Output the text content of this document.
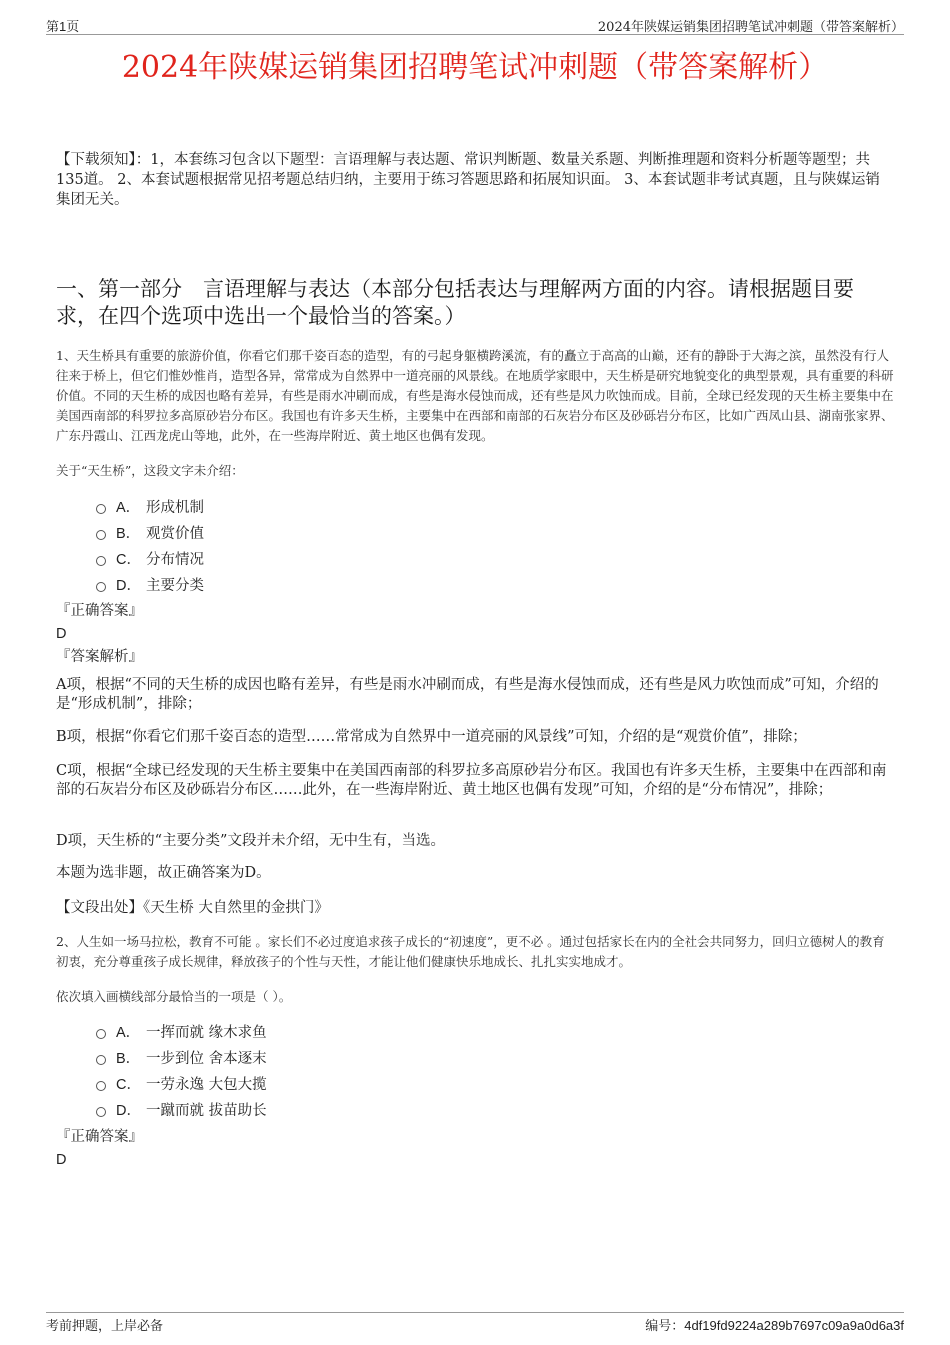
第1页	2024年陕媒运销集团招聘笔试冲刺题（带答案解析）
2024年陕媒运销集团招聘笔试冲刺题（带答案解析）
【下载须知】：1，本套练习包含以下题型：言语理解与表达题、常识判断题、数量关系题、判断推理题和资料分析题等题型；共135道。 2、本套试题根据常见招考题总结归纳，主要用于练习答题思路和拓展知识面。 3、本套试题非考试真题，且与陕媒运销集团无关。
一、第一部分　言语理解与表达（本部分包括表达与理解两方面的内容。请根据题目要求，在四个选项中选出一个最恰当的答案。）
1、天生桥具有重要的旅游价值，你看它们那千姿百态的造型，有的弓起身躯横跨溪流，有的矗立于高高的山巅，还有的静卧于大海之滨，虽然没有行人往来于桥上，但它们惟妙惟肖，造型各异，常常成为自然界中一道亮丽的风景线。在地质学家眼中，天生桥是研究地貌变化的典型景观，具有重要的科研价值。不同的天生桥的成因也略有差异，有些是雨水冲刷而成，有些是海水侵蚀而成，还有些是风力吹蚀而成。目前，全球已经发现的天生桥主要集中在美国西南部的科罗拉多高原砂岩分布区。我国也有许多天生桥，主要集中在西部和南部的石灰岩分布区及砂砾岩分布区，比如广西凤山县、湖南张家界、广东丹霞山、江西龙虎山等地，此外，在一些海岸附近、黄土地区也偶有发现。
关于“天生桥”，这段文字未介绍：
A． 形成机制
B． 观赏价值
C． 分布情况
D． 主要分类
『正确答案』
D
『答案解析』
A项，根据“不同的天生桥的成因也略有差异，有些是雨水冲刷而成，有些是海水侵蚀而成，还有些是风力吹蚀而成”可知，介绍的是“形成机制”，排除；
B项，根据“你看它们那千姿百态的造型……常常成为自然界中一道亮丽的风景线”可知，介绍的是“观赏价值”，排除；
C项，根据“全球已经发现的天生桥主要集中在美国西南部的科罗拉多高原砂岩分布区。我国也有许多天生桥，主要集中在西部和南部的石灰岩分布区及砂砾岩分布区……此外，在一些海岸附近、黄土地区也偶有发现”可知，介绍的是“分布情况”，排除；
D项，天生桥的“主要分类”文段并未介绍，无中生有，当选。
本题为选非题，故正确答案为D。
【文段出处】《天生桥 大自然里的金拱门》
2、人生如一场马拉松，教育不可能 。家长们不必过度追求孩子成长的“初速度”，更不必 。通过包括家长在内的全社会共同努力，回归立德树人的教育初衷，充分尊重孩子成长规律，释放孩子的个性与天性，才能让他们健康快乐地成长、扎扎实实地成才。
依次填入画横线部分最恰当的一项是（ ）。
A． 一挥而就 缘木求鱼
B． 一步到位 舍本逐末
C． 一劳永逸 大包大揽
D． 一蹴而就 拔苗助长
『正确答案』
D
考前押题，上岸必备	编号：4df19fd9224a289b7697c09a9a0d6a3f
